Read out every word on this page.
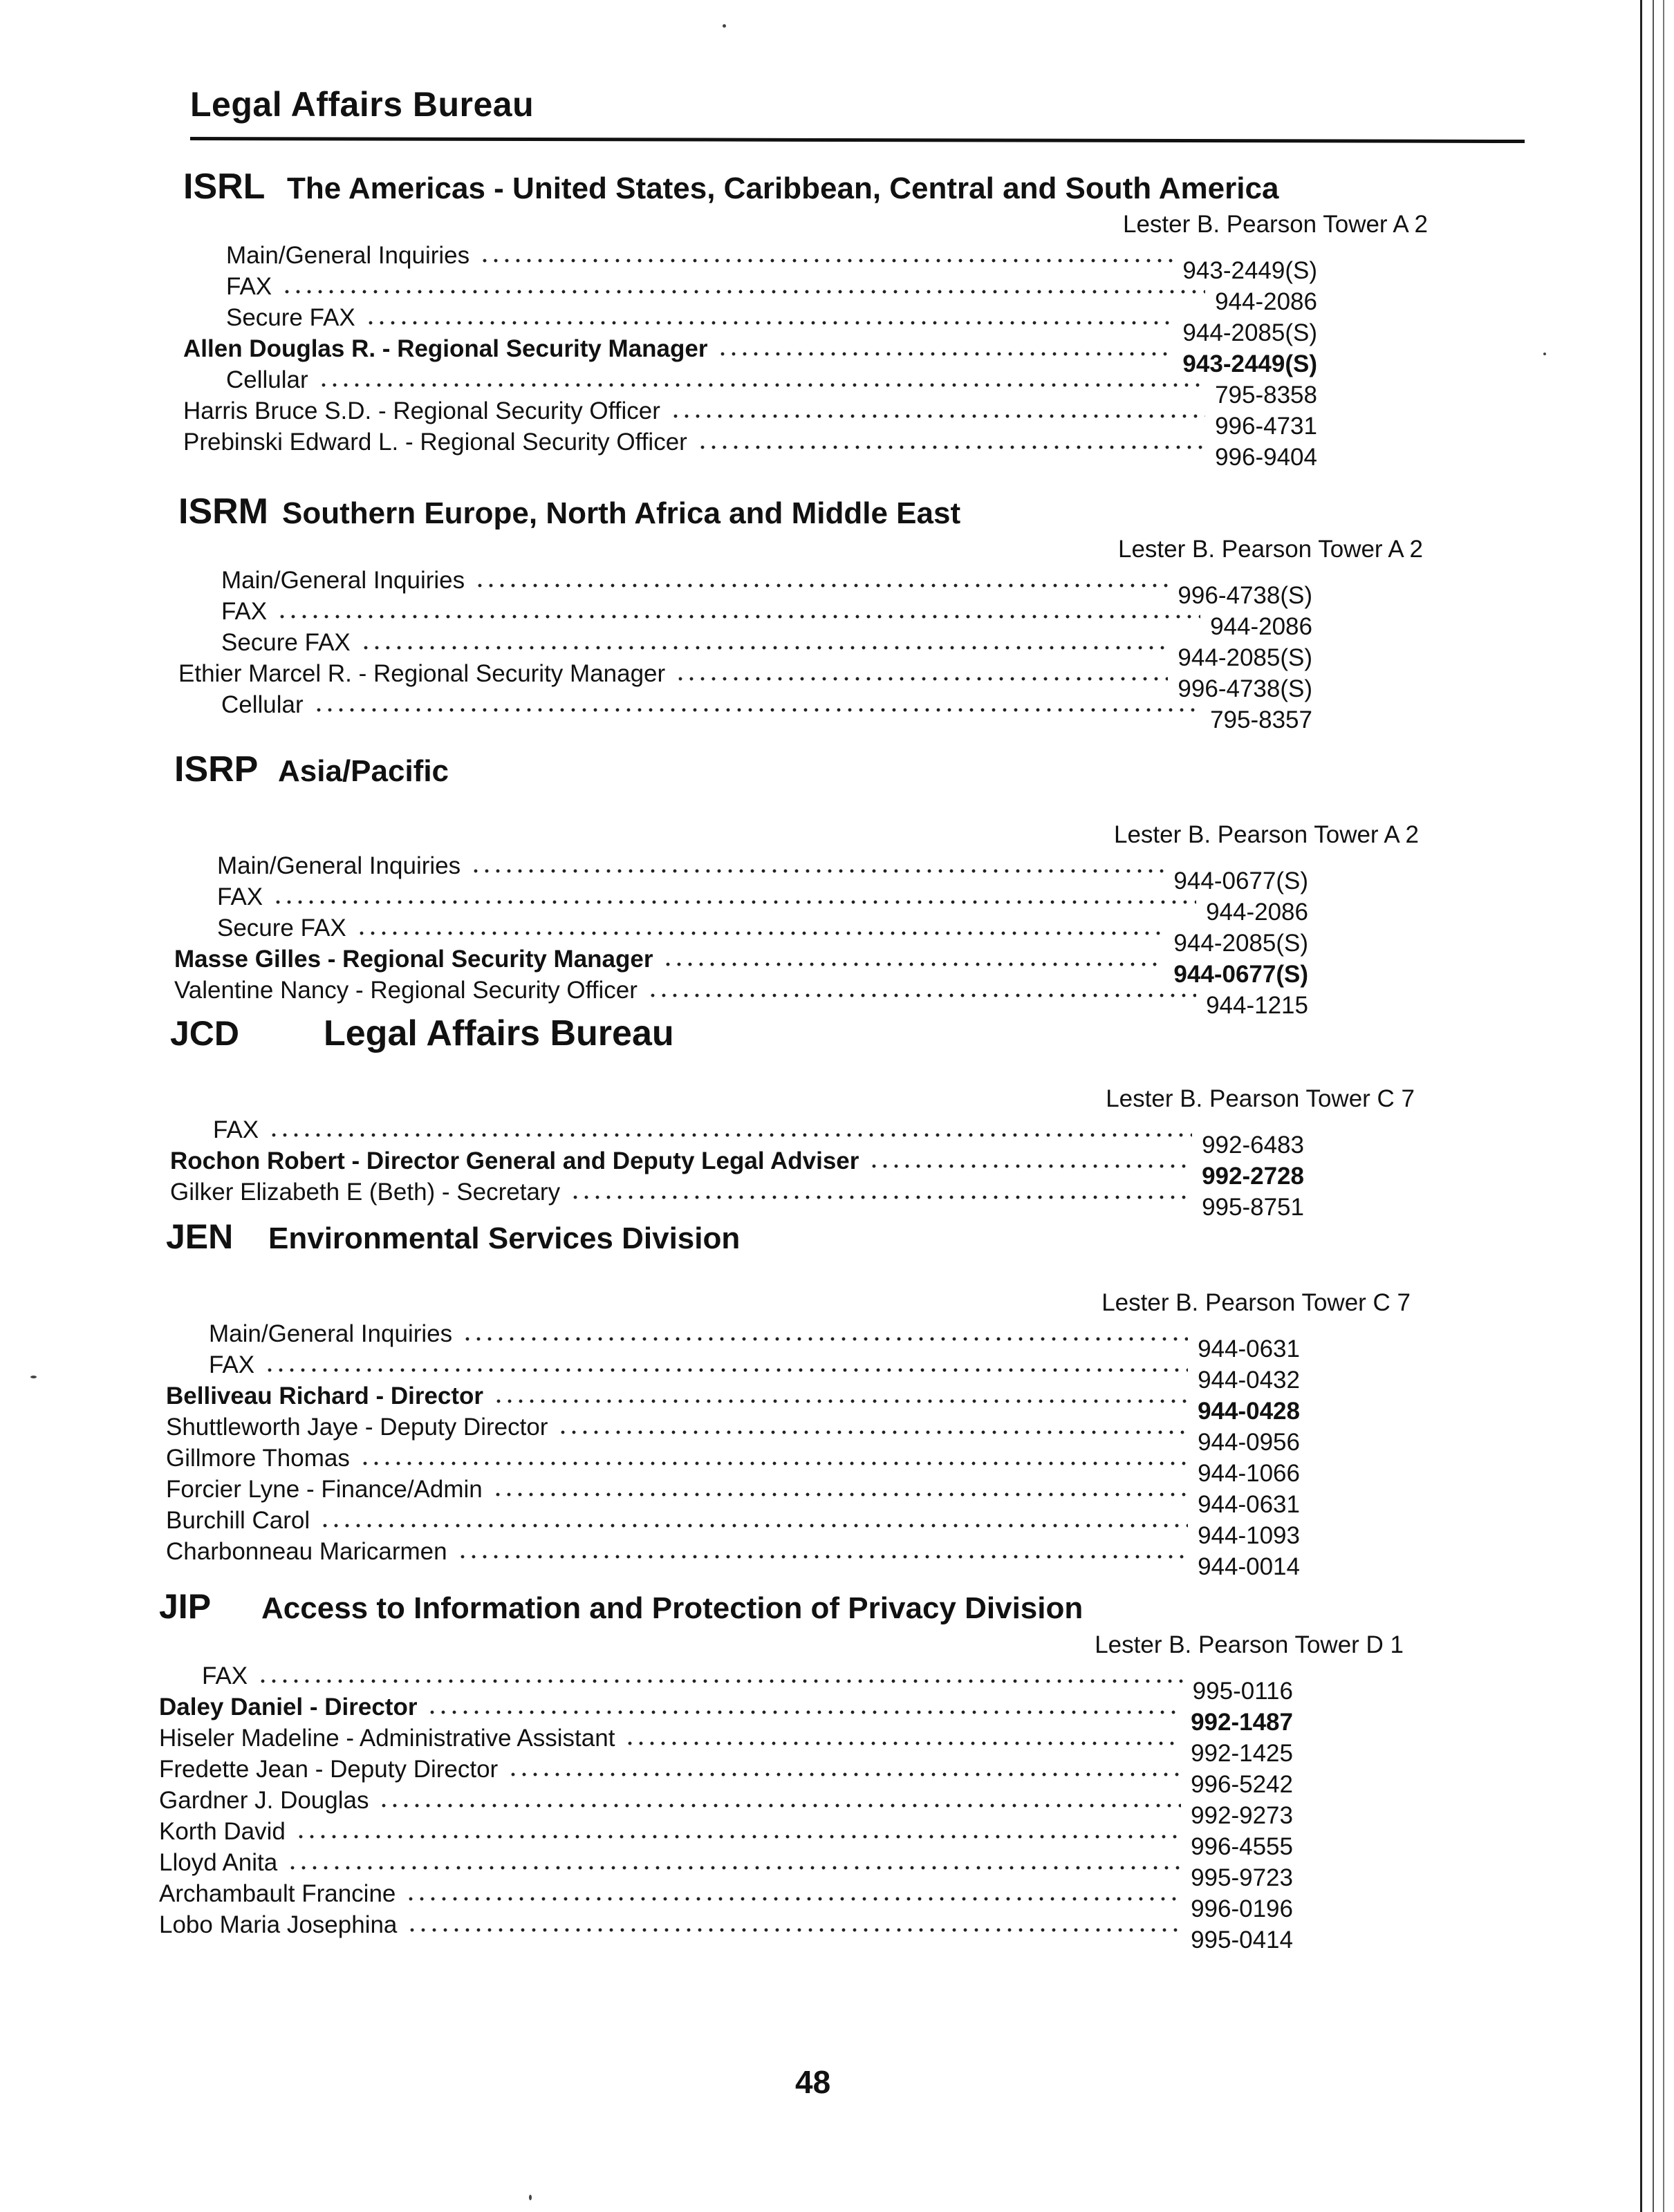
Legal Affairs Bureau
ISRL The Americas - United States, Caribbean, Central and South America
Lester B. Pearson Tower A 2
Main/General Inquiries
943-2449(S)
FAX
944-2086
Secure FAX
944-2085(S)
Allen Douglas R. - Regional Security Manager
943-2449(S)
Cellular
795-8358
Harris Bruce S.D. - Regional Security Officer
996-4731
Prebinski Edward L. - Regional Security Officer
996-9404
ISRM Southern Europe, North Africa and Middle East
Lester B. Pearson Tower A 2
Main/General Inquiries
996-4738(S)
FAX
944-2086
Secure FAX
944-2085(S)
Ethier Marcel R. - Regional Security Manager
996-4738(S)
Cellular
795-8357
ISRP Asia/Pacific
Lester B. Pearson Tower A 2
Main/General Inquiries
944-0677(S)
FAX
944-2086
Secure FAX
944-2085(S)
Masse Gilles - Regional Security Manager
944-0677(S)
Valentine Nancy - Regional Security Officer
944-1215
JCD Legal Affairs Bureau
Lester B. Pearson Tower C 7
FAX
992-6483
Rochon Robert - Director General and Deputy Legal Adviser
992-2728
Gilker Elizabeth E (Beth) - Secretary
995-8751
JEN Environmental Services Division
Lester B. Pearson Tower C 7
Main/General Inquiries
944-0631
FAX
944-0432
Belliveau Richard - Director
944-0428
Shuttleworth Jaye - Deputy Director
944-0956
Gillmore Thomas
944-1066
Forcier Lyne - Finance/Admin
944-0631
Burchill Carol
944-1093
Charbonneau Maricarmen
944-0014
JIP Access to Information and Protection of Privacy Division
Lester B. Pearson Tower D 1
FAX
995-0116
Daley Daniel - Director
992-1487
Hiseler Madeline - Administrative Assistant
992-1425
Fredette Jean - Deputy Director
996-5242
Gardner J. Douglas
992-9273
Korth David
996-4555
Lloyd Anita
995-9723
Archambault Francine
996-0196
Lobo Maria Josephina
995-0414
48
